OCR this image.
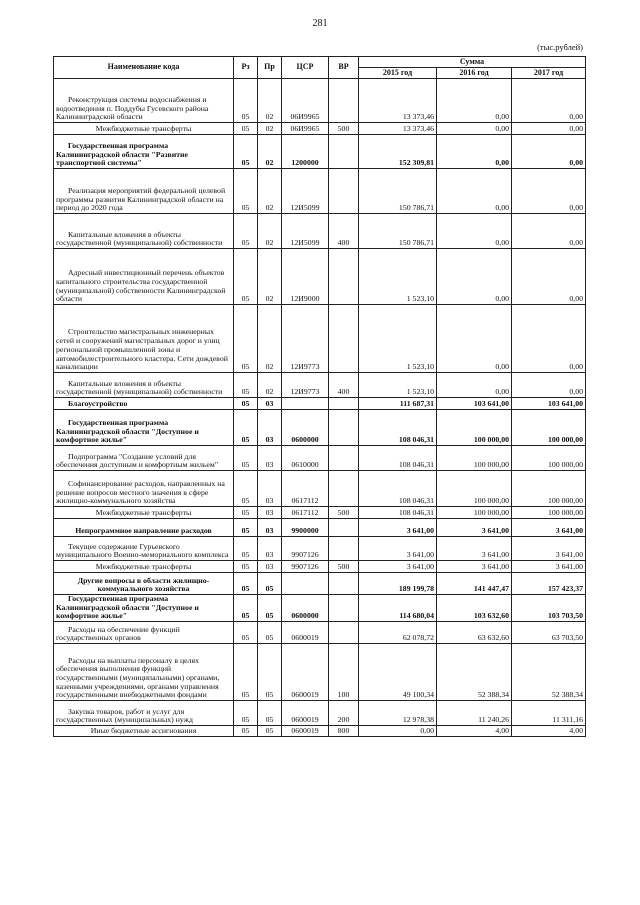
281
(тыс.рублей)
Наименование кода	Рз	Пр	ЦСР	ВР	Сумма		
					2015 год	2016 год	2017 год
Реконструкция системы водоснабжения и водоотведения п. Поддубы Гусевского района Калининградской области	05	02	06И9965		13 373,46	0,00	0,00
Межбюджетные трансферты	05	02	06И9965	500	13 373,46	0,00	0,00
Государственная программа Калининградской области "Развитие транспортной системы"	05	02	1200000		152 309,81	0,00	0,00
Реализация мероприятий федеральной целевой программы развития Калининградской области на период до 2020 года	05	02	12И5099		150 786,71	0,00	0,00
Капитальные вложения в объекты государственной (муниципальной) собственности	05	02	12И5099	400	150 786,71	0,00	0,00
Адресный инвестиционный перечень объектов капитального строительства государственной (муниципальной) собственности Калининградской области	05	02	12И9000		1 523,10	0,00	0,00
Строительство магистральных инженерных сетей и сооружений магистральных дорог и улиц региональной промышленной зоны и автомобилестроительного кластера. Сети дождевой канализации	05	02	12И9773		1 523,10	0,00	0,00
Капитальные вложения в объекты государственной (муниципальной) собственности	05	02	12И9773	400	1 523,10	0,00	0,00
Благоустройство	05	03			111 687,31	103 641,00	103 641,00
Государственная программа Калининградской области "Доступное и комфортное жилье"	05	03	0600000		108 046,31	100 000,00	100 000,00
Подпрограмма "Создание условий для обеспечения доступным и комфортным жильем"	05	03	0610000		108 046,31	100 000,00	100 000,00
Софинансирование расходов, направленных на решение вопросов местного значения в сфере жилищно-коммунального хозяйства	05	03	0617112		108 046,31	100 000,00	100 000,00
Межбюджетные трансферты	05	03	0617112	500	108 046,31	100 000,00	100 000,00
Непрограммное направление расходов	05	03	9900000		3 641,00	3 641,00	3 641,00
Текущее содержание Гурьевского муниципального Военно-мемориального комплекса	05	03	9907126		3 641,00	3 641,00	3 641,00
Межбюджетные трансферты	05	03	9907126	500	3 641,00	3 641,00	3 641,00
Другие вопросы в области жилищно-коммунального хозяйства	05	05			189 199,78	141 447,47	157 423,37
Государственная программа Калининградской области "Доступное и комфортное жилье"	05	05	0600000		114 680,04	103 632,60	103 703,50
Расходы на обеспечение функций государственных органов	05	05	0600019		62 078,72	63 632,60	63 703,50
Расходы на выплаты персоналу в целях обеспечения выполнения функций государственными (муниципальными) органами, казенными учреждениями, органами управления государственными внебюджетными фондами	05	05	0600019	100	49 100,34	52 388,34	52 388,34
Закупка товаров, работ и услуг для государственных (муниципальных) нужд	05	05	0600019	200	12 978,38	11 240,26	11 311,16
Иные бюджетные ассигнования	05	05	0600019	800	0,00	4,00	4,00
